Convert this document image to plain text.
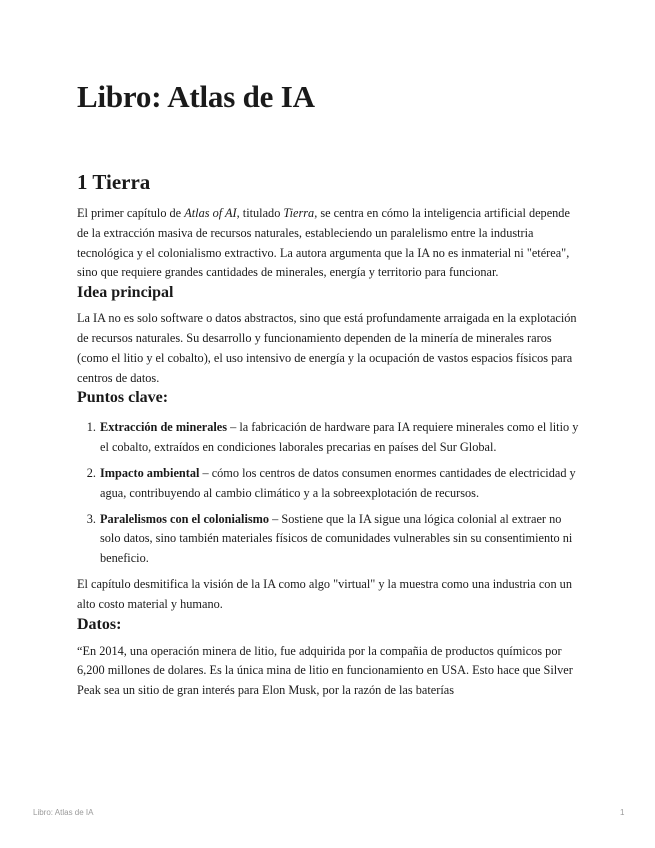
Libro: Atlas de IA
1 Tierra

El primer capítulo de Atlas of AI, titulado Tierra, se centra en cómo la inteligencia artificial depende de la extracción masiva de recursos naturales, estableciendo un paralelismo entre la industria tecnológica y el colonialismo extractivo. La autora argumenta que la IA no es inmaterial ni "etérea", sino que requiere grandes cantidades de minerales, energía y territorio para funcionar.

Idea principal

La IA no es solo software o datos abstractos, sino que está profundamente arraigada en la explotación de recursos naturales. Su desarrollo y funcionamiento dependen de la minería de minerales raros (como el litio y el cobalto), el uso intensivo de energía y la ocupación de vastos espacios físicos para centros de datos.

Puntos clave:
1. Extracción de minerales – la fabricación de hardware para IA requiere minerales como el litio y el cobalto, extraídos en condiciones laborales precarias en países del Sur Global.
2. Impacto ambiental – cómo los centros de datos consumen enormes cantidades de electricidad y agua, contribuyendo al cambio climático y a la sobreexplotación de recursos.
3. Paralelismos con el colonialismo – Sostiene que la IA sigue una lógica colonial al extraer no solo datos, sino también materiales físicos de comunidades vulnerables sin su consentimiento ni beneficio.

El capítulo desmitifica la visión de la IA como algo "virtual" y la muestra como una industria con un alto costo material y humano.

Datos:

“En 2014, una operación minera de litio, fue adquirida por la compañia de productos químicos por 6,200 millones de dolares. Es la única mina de litio en funcionamiento en USA. Esto hace que Silver Peak sea un sitio de gran interés para Elon Musk, por la razón de las baterías

Libro: Atlas de IA	1
